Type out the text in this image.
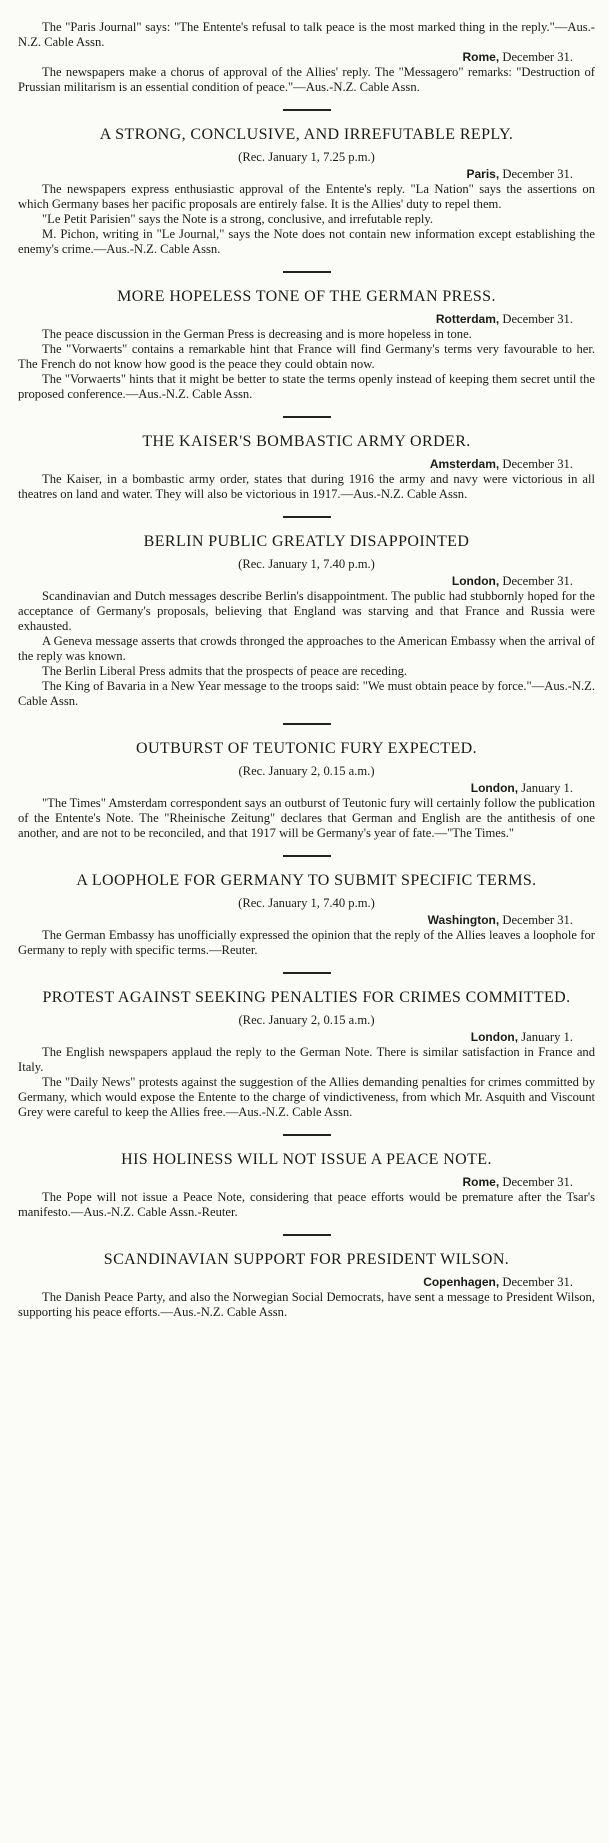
The "Paris Journal" says: "The Entente's refusal to talk peace is the most marked thing in the reply."—Aus.-N.Z. Cable Assn.

Rome, December 31.

The newspapers make a chorus of approval of the Allies' reply. The "Messagero" remarks: "Destruction of Prussian militarism is an essential condition of peace."—Aus.-N.Z. Cable Assn.

A STRONG, CONCLUSIVE, AND IRREFUTABLE REPLY.
(Rec. January 1, 7.25 p.m.)
Paris, December 31.

The newspapers express enthusiastic approval of the Entente's reply. "La Nation" says the assertions on which Germany bases her pacific proposals are entirely false. It is the Allies' duty to repel them.

"Le Petit Parisien" says the Note is a strong, conclusive, and irrefutable reply.

M. Pichon, writing in "Le Journal," says the Note does not contain new information except establishing the enemy's crime.—Aus.-N.Z. Cable Assn.

MORE HOPELESS TONE OF THE GERMAN PRESS.
Rotterdam, December 31.

The peace discussion in the German Press is decreasing and is more hopeless in tone.

The "Vorwaerts" contains a remarkable hint that France will find Germany's terms very favourable to her. The French do not know how good is the peace they could obtain now.

The "Vorwaerts" hints that it might be better to state the terms openly instead of keeping them secret until the proposed conference.—Aus.-N.Z. Cable Assn.

THE KAISER'S BOMBASTIC ARMY ORDER.
Amsterdam, December 31.

The Kaiser, in a bombastic army order, states that during 1916 the army and navy were victorious in all theatres on land and water. They will also be victorious in 1917.—Aus.-N.Z. Cable Assn.

BERLIN PUBLIC GREATLY DISAPPOINTED
(Rec. January 1, 7.40 p.m.)
London, December 31.

Scandinavian and Dutch messages describe Berlin's disappointment. The public had stubbornly hoped for the acceptance of Germany's proposals, believing that England was starving and that France and Russia were exhausted.

A Geneva message asserts that crowds thronged the approaches to the American Embassy when the arrival of the reply was known.

The Berlin Liberal Press admits that the prospects of peace are receding.

The King of Bavaria in a New Year message to the troops said: "We must obtain peace by force."—Aus.-N.Z. Cable Assn.

OUTBURST OF TEUTONIC FURY EXPECTED.
(Rec. January 2, 0.15 a.m.)
London, January 1.

"The Times" Amsterdam correspondent says an outburst of Teutonic fury will certainly follow the publication of the Entente's Note. The "Rheinische Zeitung" declares that German and English are the antithesis of one another, and are not to be reconciled, and that 1917 will be Germany's year of fate.—"The Times."

A LOOPHOLE FOR GERMANY TO SUBMIT SPECIFIC TERMS.
(Rec. January 1, 7.40 p.m.)
Washington, December 31.

The German Embassy has unofficially expressed the opinion that the reply of the Allies leaves a loophole for Germany to reply with specific terms.—Reuter.

PROTEST AGAINST SEEKING PENALTIES FOR CRIMES COMMITTED.
(Rec. January 2, 0.15 a.m.)
London, January 1.

The English newspapers applaud the reply to the German Note. There is similar satisfaction in France and Italy.

The "Daily News" protests against the suggestion of the Allies demanding penalties for crimes committed by Germany, which would expose the Entente to the charge of vindictiveness, from which Mr. Asquith and Viscount Grey were careful to keep the Allies free.—Aus.-N.Z. Cable Assn.

HIS HOLINESS WILL NOT ISSUE A PEACE NOTE.
Rome, December 31.

The Pope will not issue a Peace Note, considering that peace efforts would be premature after the Tsar's manifesto.—Aus.-N.Z. Cable Assn.-Reuter.

SCANDINAVIAN SUPPORT FOR PRESIDENT WILSON.
Copenhagen, December 31.

The Danish Peace Party, and also the Norwegian Social Democrats, have sent a message to President Wilson, supporting his peace efforts.—Aus.-N.Z. Cable Assn.
